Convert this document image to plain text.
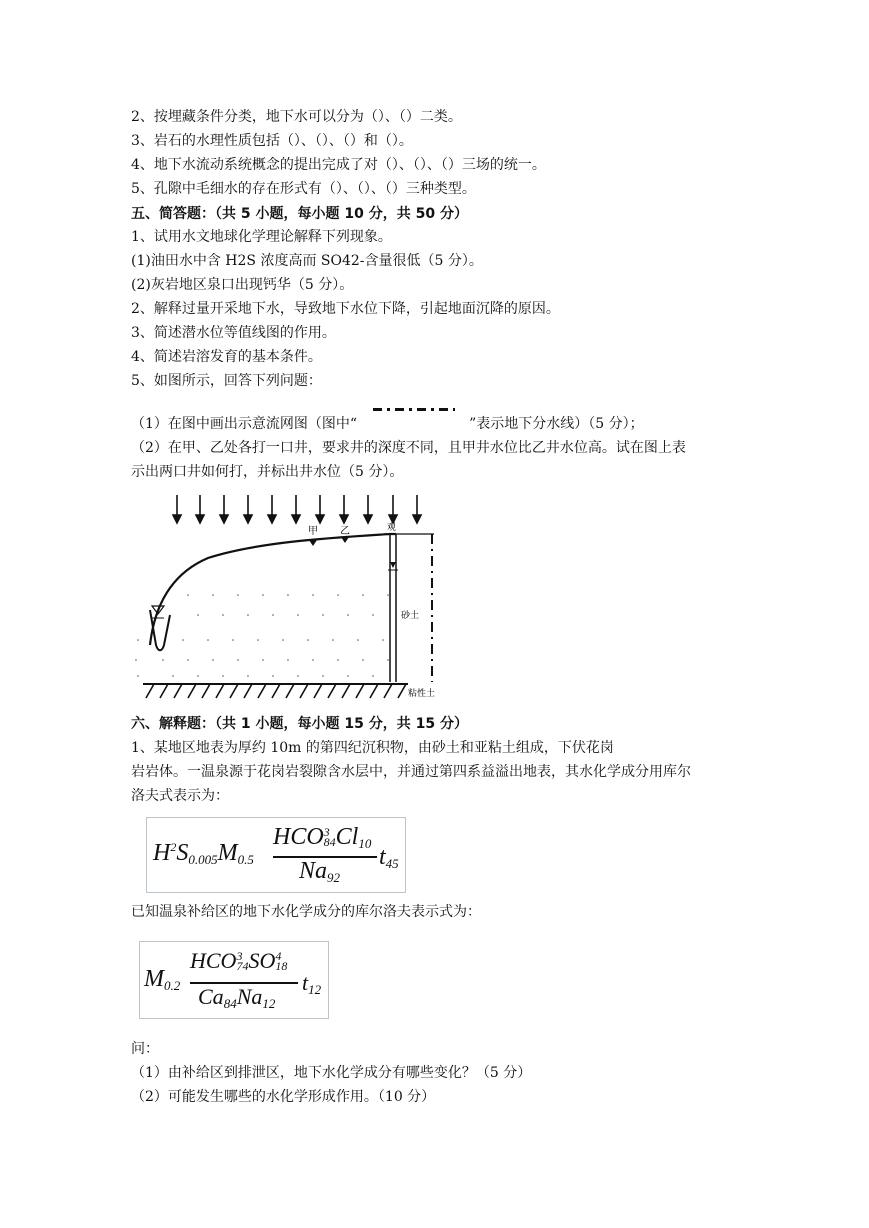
2、按埋藏条件分类，地下水可以分为（）、（）二类。
3、岩石的水理性质包括（）、（）、（）和（）。
4、地下水流动系统概念的提出完成了对（）、（）、（）三场的统一。
5、孔隙中毛细水的存在形式有（）、（）、（）三种类型。
五、简答题：（共 5 小题，每小题 10 分，共 50 分）
1、试用水文地球化学理论解释下列现象。
(1)油田水中含 H2S 浓度高而 SO42-含量很低（5 分）。
(2)灰岩地区泉口出现钙华（5 分）。
2、解释过量开采地下水，导致地下水位下降，引起地面沉降的原因。
3、简述潜水位等值线图的作用。
4、简述岩溶发育的基本条件。
5、如图所示，回答下列问题：
（1）在图中画出示意流网图（图中“	”表示地下分水线）（5 分）；
（2）在甲、乙处各打一口井，要求井的深度不同，且甲井水位比乙井水位高。试在图上表
示出两口井如何打，并标出井水位（5 分）。
甲 乙	观
砂土
粘性土
六、解释题：（共 1 小题，每小题 15 分，共 15 分）
1、某地区地表为厚约 10m 的第四纪沉积物，由砂土和亚粘土组成，下伏花岗
岩岩体。一温泉源于花岗岩裂隙含水层中，并通过第四系益溢出地表，其水化学成分用库尔
洛夫式表示为：
$H^2S_{0.005}M_{0.5}$
HCO 3
84 $Cl_{10}$
$Na_{92}$
$t_{45}$
已知温泉补给区的地下水化学成分的库尔洛夫表示式为：
$M_{0.2}$
HCO 3
74 SO 4
18
$Ca_{84}Na_{12}$
$t_{12}$
问：
（1）由补给区到排泄区，地下水化学成分有哪些变化？（5 分）
（2）可能发生哪些的水化学形成作用。（10 分）
